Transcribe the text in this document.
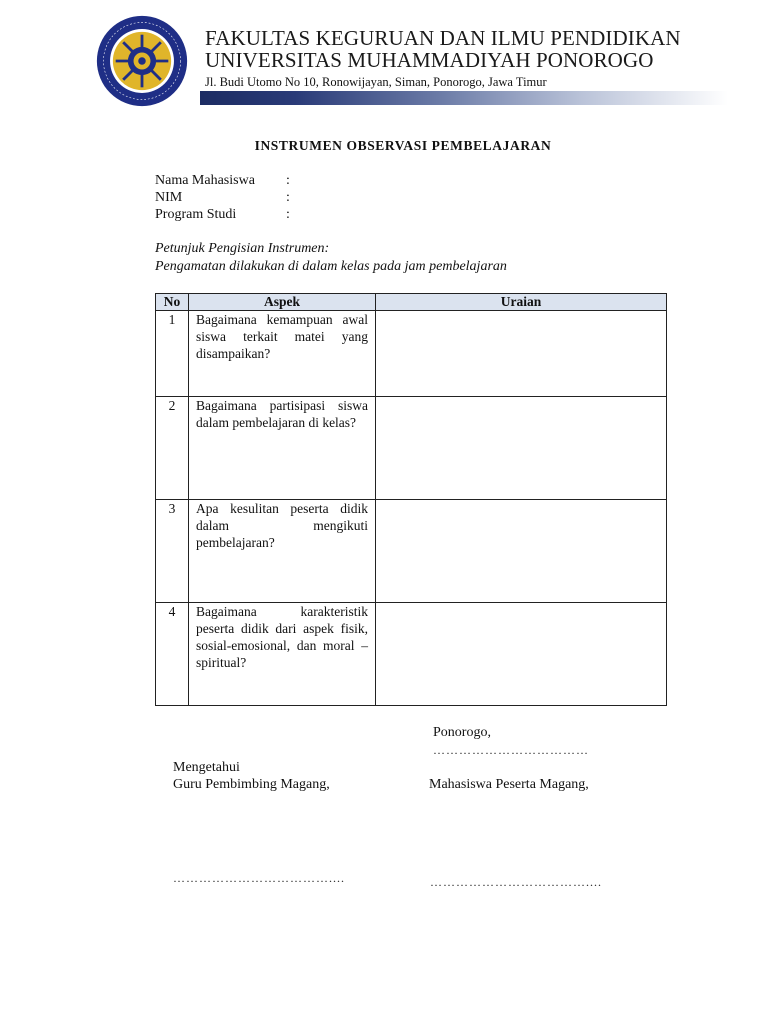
FAKULTAS KEGURUAN DAN ILMU PENDIDIKAN
UNIVERSITAS MUHAMMADIYAH PONOROGO
Jl. Budi Utomo No 10, Ronowijayan, Siman, Ponorogo, Jawa Timur
INSTRUMEN OBSERVASI PEMBELAJARAN
Nama Mahasiswa :
NIM	:
Program Studi	:
Petunjuk Pengisian Instrumen:
Pengamatan dilakukan di dalam kelas pada jam pembelajaran
No	Aspek	Uraian

1	Bagaimana kemampuan awal siswa terkait matei yang disampaikan?	

2	Bagaimana partisipasi siswa dalam pembelajaran di kelas?	

3	Apa kesulitan peserta didik dalam mengikuti pembelajaran?	

4	Bagaimana karakteristik peserta didik dari aspek fisik, sosial-emosional, dan moral – spiritual?	

Ponorogo,
………………………………
Mengetahui
Guru Pembimbing Magang,	Mahasiswa Peserta Magang,
………………………………....	………………………………....
